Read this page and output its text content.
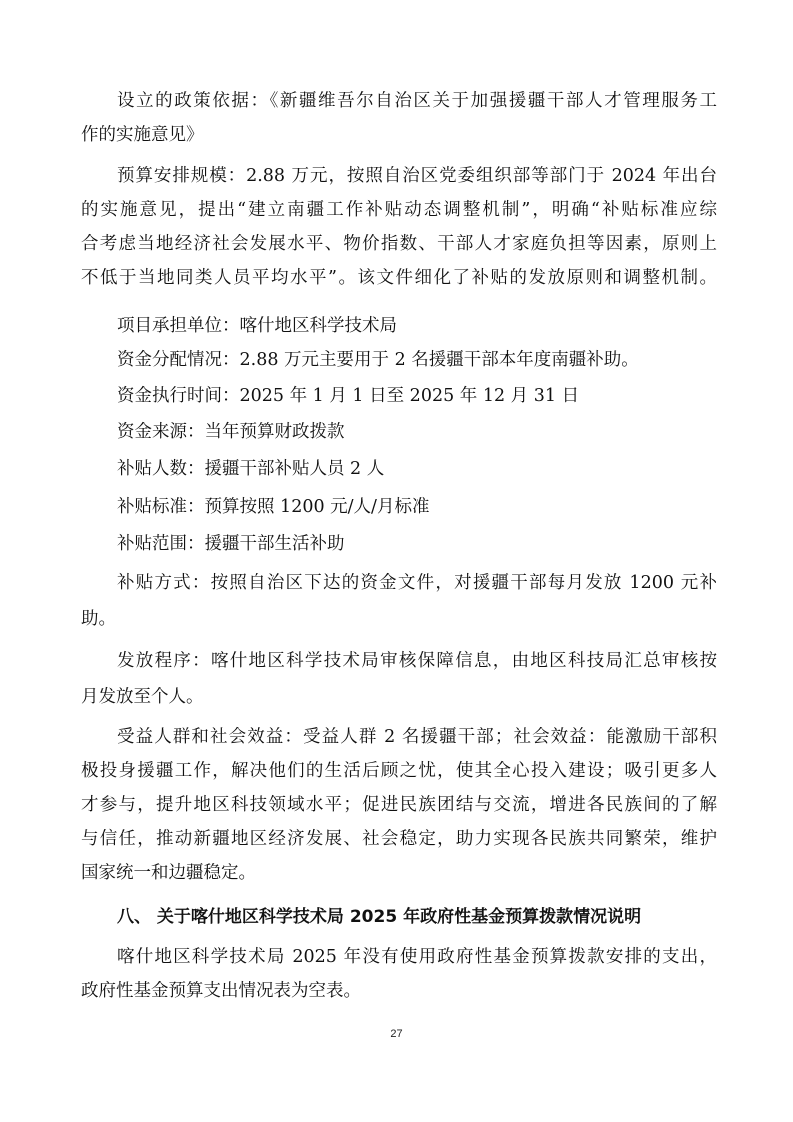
设立的政策依据：《新疆维吾尔自治区关于加强援疆干部人才管理服务工
作的实施意见》
预算安排规模：2.88 万元，按照自治区党委组织部等部门于 2024 年出台
的实施意见，提出“建立南疆工作补贴动态调整机制”，明确“补贴标准应综
合考虑当地经济社会发展水平、物价指数、干部人才家庭负担等因素，原则上
不低于当地同类人员平均水平”。该文件细化了补贴的发放原则和调整机制。
项目承担单位：喀什地区科学技术局
资金分配情况：2.88 万元主要用于 2 名援疆干部本年度南疆补助。
资金执行时间：2025 年 1 月 1 日至 2025 年 12 月 31 日
资金来源：当年预算财政拨款
补贴人数：援疆干部补贴人员 2 人
补贴标准：预算按照 1200 元/人/月标准
补贴范围：援疆干部生活补助
补贴方式：按照自治区下达的资金文件，对援疆干部每月发放 1200 元补
助。
发放程序：喀什地区科学技术局审核保障信息，由地区科技局汇总审核按
月发放至个人。
受益人群和社会效益：受益人群 2 名援疆干部；社会效益：能激励干部积
极投身援疆工作，解决他们的生活后顾之忧，使其全心投入建设；吸引更多人
才参与，提升地区科技领域水平；促进民族团结与交流，增进各民族间的了解
与信任，推动新疆地区经济发展、社会稳定，助力实现各民族共同繁荣，维护
国家统一和边疆稳定。
八、 关于喀什地区科学技术局 2025 年政府性基金预算拨款情况说明
喀什地区科学技术局 2025 年没有使用政府性基金预算拨款安排的支出，
政府性基金预算支出情况表为空表。
27
